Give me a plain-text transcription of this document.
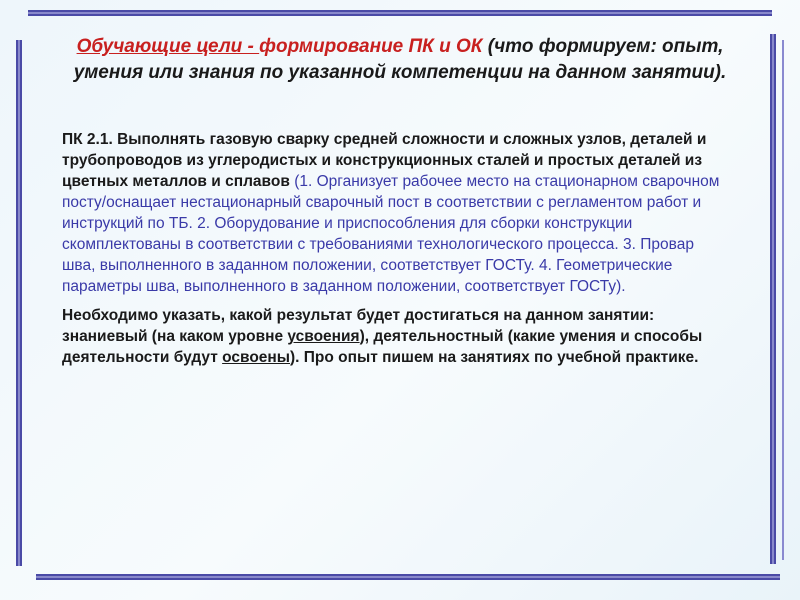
Обучающие цели - формирование ПК и ОК (что формируем: опыт, умения или знания по указанной компетенции на данном занятии).
ПК 2.1. Выполнять газовую сварку средней сложности и сложных узлов, деталей и трубопроводов из углеродистых и конструкционных сталей и простых деталей из цветных металлов и сплавов (1. Организует рабочее место на стационарном сварочном посту/оснащает нестационарный сварочный пост в соответствии с регламентом работ и инструкций по ТБ. 2. Оборудование и приспособления для сборки конструкции скомплектованы в соответствии с требованиями технологического процесса. 3. Провар шва, выполненного в заданном положении, соответствует ГОСТу. 4. Геометрические параметры шва, выполненного в заданном положении, соответствует ГОСТу).
Необходимо указать, какой результат будет достигаться на данном занятии: знаниевый (на каком уровне усвоения), деятельностный (какие умения и способы деятельности будут освоены). Про опыт пишем на занятиях по учебной практике.
